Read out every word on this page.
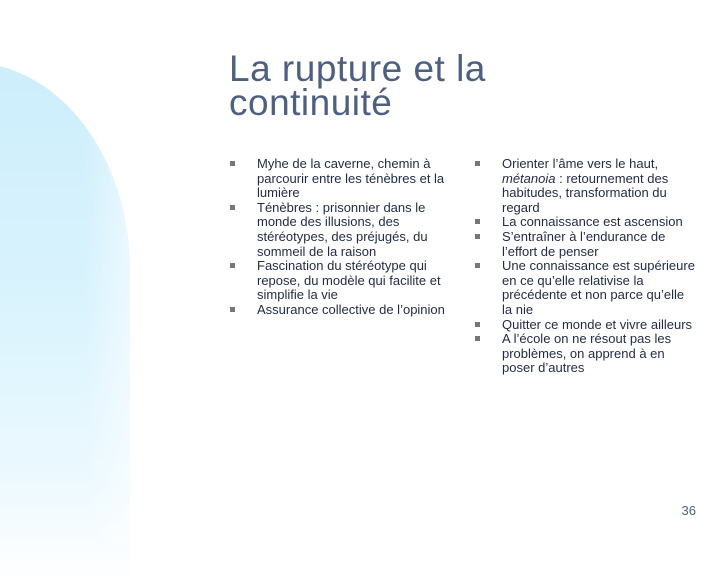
La rupture et la
continuité
Myhe de la caverne, chemin à parcourir entre les ténèbres et la lumière
Ténèbres : prisonnier dans le monde des illusions, des stéréotypes, des préjugés, du sommeil de la raison
Fascination du stéréotype qui repose, du modèle qui facilite et simplifie la vie
Assurance collective de l’opinion
Orienter l’âme vers le haut, métanoia : retournement des habitudes, transformation du regard
La connaissance est ascension
S’entraîner à l’endurance de l’effort de penser
Une connaissance est supérieure en ce qu’elle relativise la précédente et non parce qu’elle la nie
Quitter ce monde et vivre ailleurs
A l’école on ne résout pas les problèmes, on apprend à en poser d’autres
36
